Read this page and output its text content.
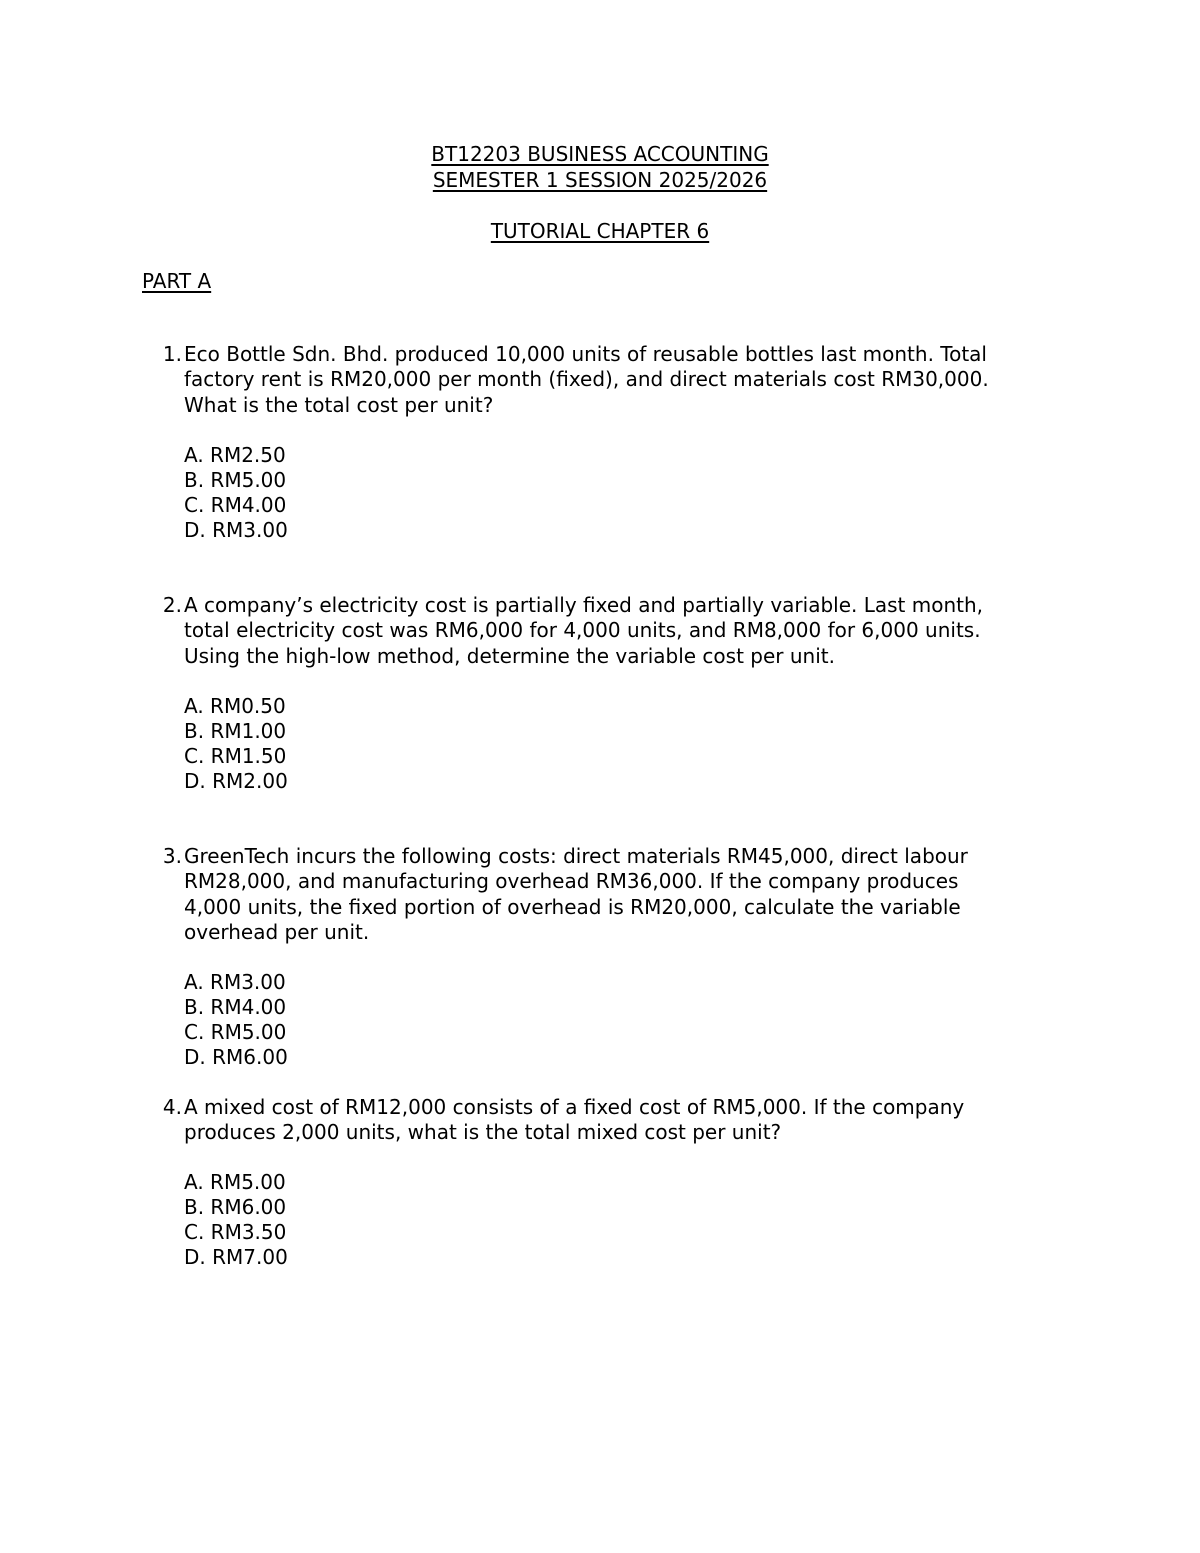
BT12203 BUSINESS ACCOUNTING
SEMESTER 1 SESSION 2025/2026
TUTORIAL CHAPTER 6
PART A
1. Eco Bottle Sdn. Bhd. produced 10,000 units of reusable bottles last month. Total
factory rent is RM20,000 per month (fixed), and direct materials cost RM30,000.
What is the total cost per unit?
A. RM2.50
B. RM5.00
C. RM4.00
D. RM3.00
2. A company’s electricity cost is partially fixed and partially variable. Last month,
total electricity cost was RM6,000 for 4,000 units, and RM8,000 for 6,000 units.
Using the high-low method, determine the variable cost per unit.
A. RM0.50
B. RM1.00
C. RM1.50
D. RM2.00
3. GreenTech incurs the following costs: direct materials RM45,000, direct labour
RM28,000, and manufacturing overhead RM36,000. If the company produces
4,000 units, the fixed portion of overhead is RM20,000, calculate the variable
overhead per unit.
A. RM3.00
B. RM4.00
C. RM5.00
D. RM6.00
4. A mixed cost of RM12,000 consists of a fixed cost of RM5,000. If the company
produces 2,000 units, what is the total mixed cost per unit?
A. RM5.00
B. RM6.00
C. RM3.50
D. RM7.00
